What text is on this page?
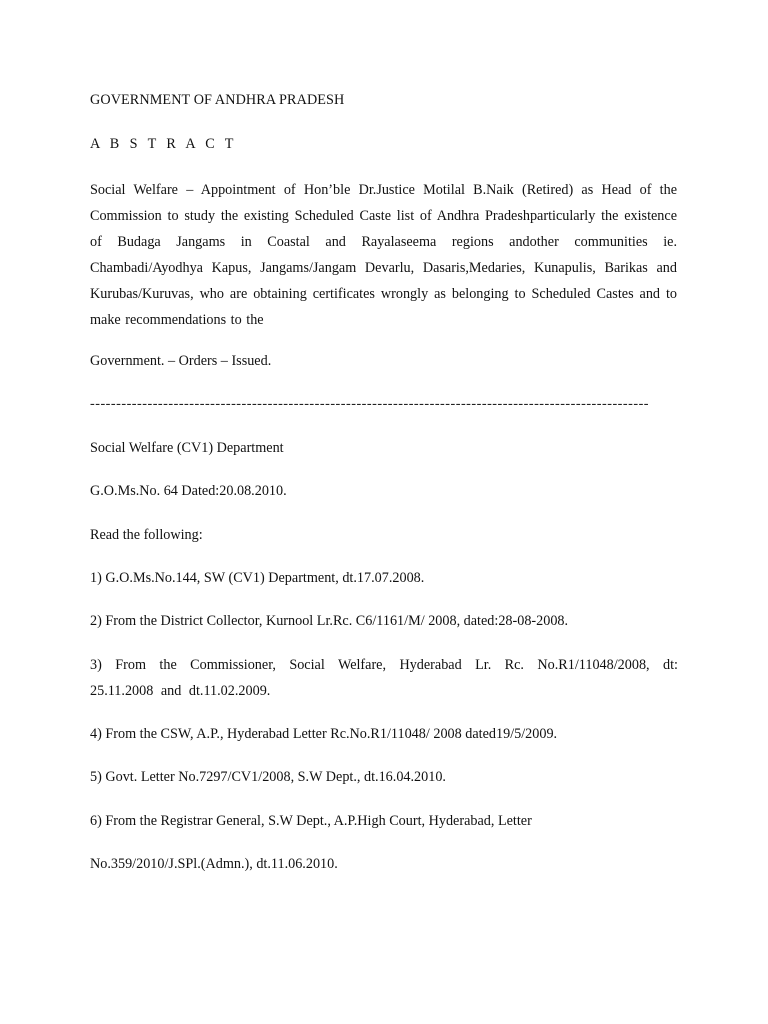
GOVERNMENT OF ANDHRA PRADESH
A B S T R A C T
Social Welfare – Appointment of Hon’ble Dr.Justice Motilal B.Naik (Retired) as Head of the Commission to study the existing Scheduled Caste list of Andhra Pradeshparticularly the existence of Budaga Jangams in Coastal and Rayalaseema regions andother communities ie. Chambadi/Ayodhya Kapus, Jangams/Jangam Devarlu, Dasaris,Medaries, Kunapulis, Barikas and Kurubas/Kuruvas, who are obtaining certificates wrongly as belonging to Scheduled Castes and to make recommendations to the
Government. – Orders – Issued.
-----------------------------------------------------------------------------------------------------------
Social Welfare (CV1) Department
G.O.Ms.No. 64 Dated:20.08.2010.
Read the following:
1) G.O.Ms.No.144, SW (CV1) Department, dt.17.07.2008.
2) From the District Collector, Kurnool Lr.Rc. C6/1161/M/ 2008, dated:28-08-2008.
3) From the Commissioner, Social Welfare, Hyderabad Lr. Rc. No.R1/11048/2008, dt: 25.11.2008 and dt.11.02.2009.
4) From the CSW, A.P., Hyderabad Letter Rc.No.R1/11048/ 2008 dated19/5/2009.
5) Govt. Letter No.7297/CV1/2008, S.W Dept., dt.16.04.2010.
6) From the Registrar General, S.W Dept., A.P.High Court, Hyderabad, Letter
No.359/2010/J.SPl.(Admn.), dt.11.06.2010.
